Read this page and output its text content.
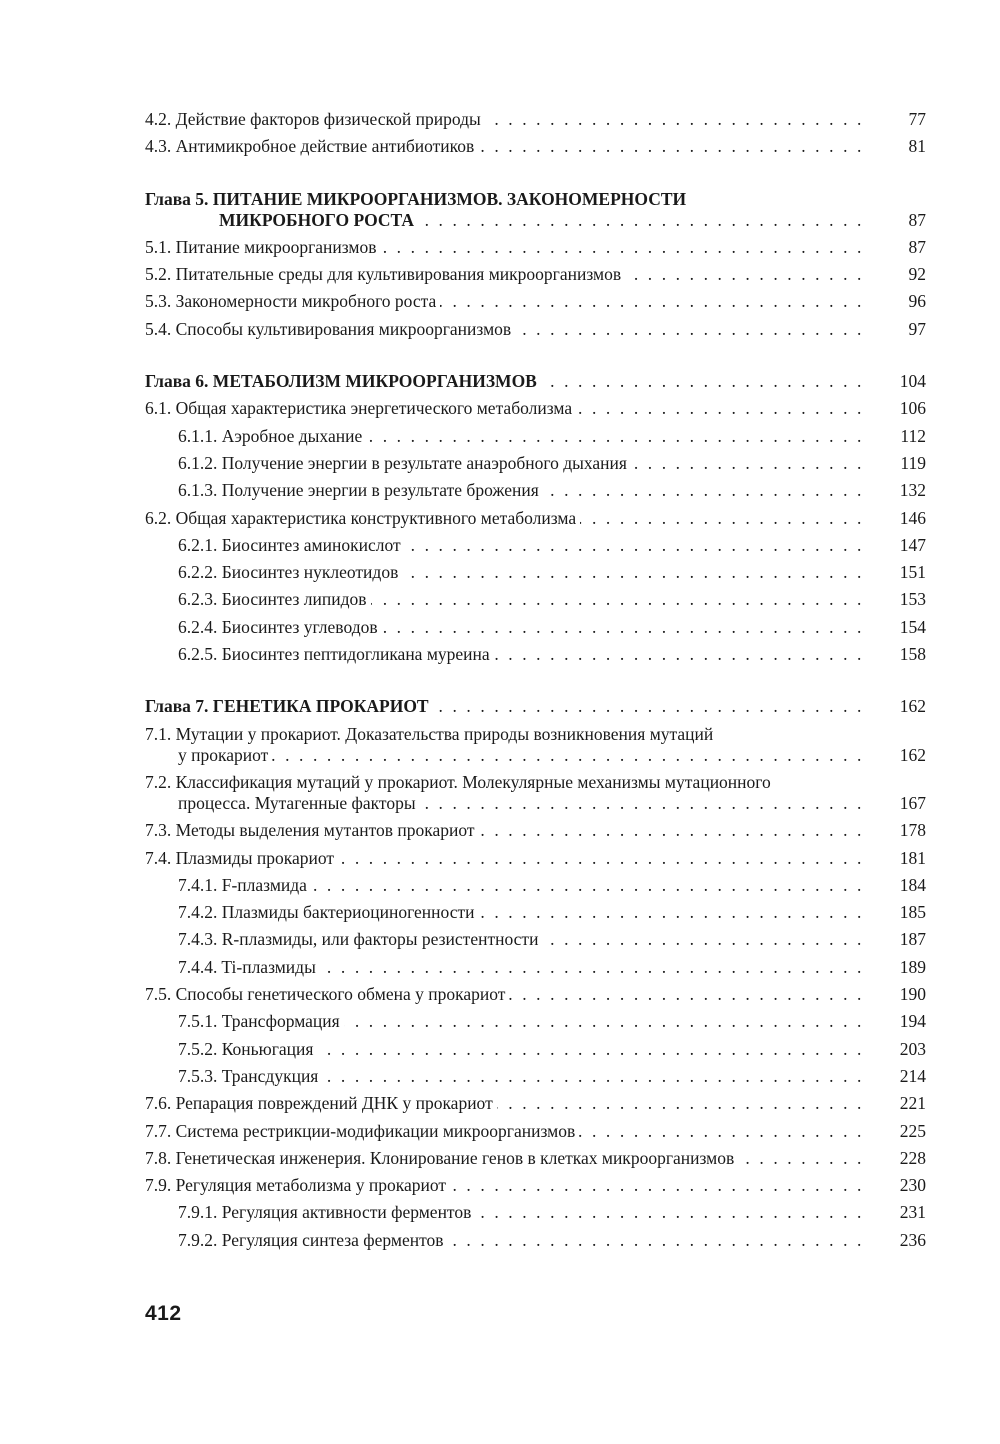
4.2. Действие факторов физической природы . . .	77
4.3. Антимикробное действие антибиотиков . . .	81
Глава 5. ПИТАНИЕ МИКРООРГАНИЗМОВ. ЗАКОНОМЕРНОСТИ
МИКРОБНОГО РОСТА . . .	87
5.1. Питание микроорганизмов . . .	87
5.2. Питательные среды для культивирования микроорганизмов . . .	92
5.3. Закономерности микробного роста . . .	96
5.4. Способы культивирования микроорганизмов . . .	97
Глава 6. МЕТАБОЛИЗМ МИКРООРГАНИЗМОВ . . .	104
6.1. Общая характеристика энергетического метаболизма . . .	106
6.1.1. Аэробное дыхание . . .	112
6.1.2. Получение энергии в результате анаэробного дыхания . . .	119
6.1.3. Получение энергии в результате брожения . . .	132
6.2. Общая характеристика конструктивного метаболизма . . .	146
6.2.1. Биосинтез аминокислот . . .	147
6.2.2. Биосинтез нуклеотидов . . .	151
6.2.3. Биосинтез липидов . . .	153
6.2.4. Биосинтез углеводов . . .	154
6.2.5. Биосинтез пептидогликана муреина . . .	158
Глава 7. ГЕНЕТИКА ПРОКАРИОТ . . .	162
7.1. Мутации у прокариот. Доказательства природы возникновения мутаций
у прокариот . . .	162
7.2. Классификация мутаций у прокариот. Молекулярные механизмы мутационного
процесса. Мутагенные факторы . . .	167
7.3. Методы выделения мутантов прокариот . . .	178
7.4. Плазмиды прокариот . . .	181
7.4.1. F-плазмида . . .	184
7.4.2. Плазмиды бактериоциногенности . . .	185
7.4.3. R-плазмиды, или факторы резистентности . . .	187
7.4.4. Ti-плазмиды . . .	189
7.5. Способы генетического обмена у прокариот . . .	190
7.5.1. Трансформация . . .	194
7.5.2. Коньюгация . . .	203
7.5.3. Трансдукция . . .	214
7.6. Репарация повреждений ДНК у прокариот . . .	221
7.7. Система рестрикции-модификации микроорганизмов . . .	225
7.8. Генетическая инженерия. Клонирование генов в клетках микроорганизмов . . .	228
7.9. Регуляция метаболизма у прокариот . . .	230
7.9.1. Регуляция активности ферментов . . .	231
7.9.2. Регуляция синтеза ферментов . . .	236
412
